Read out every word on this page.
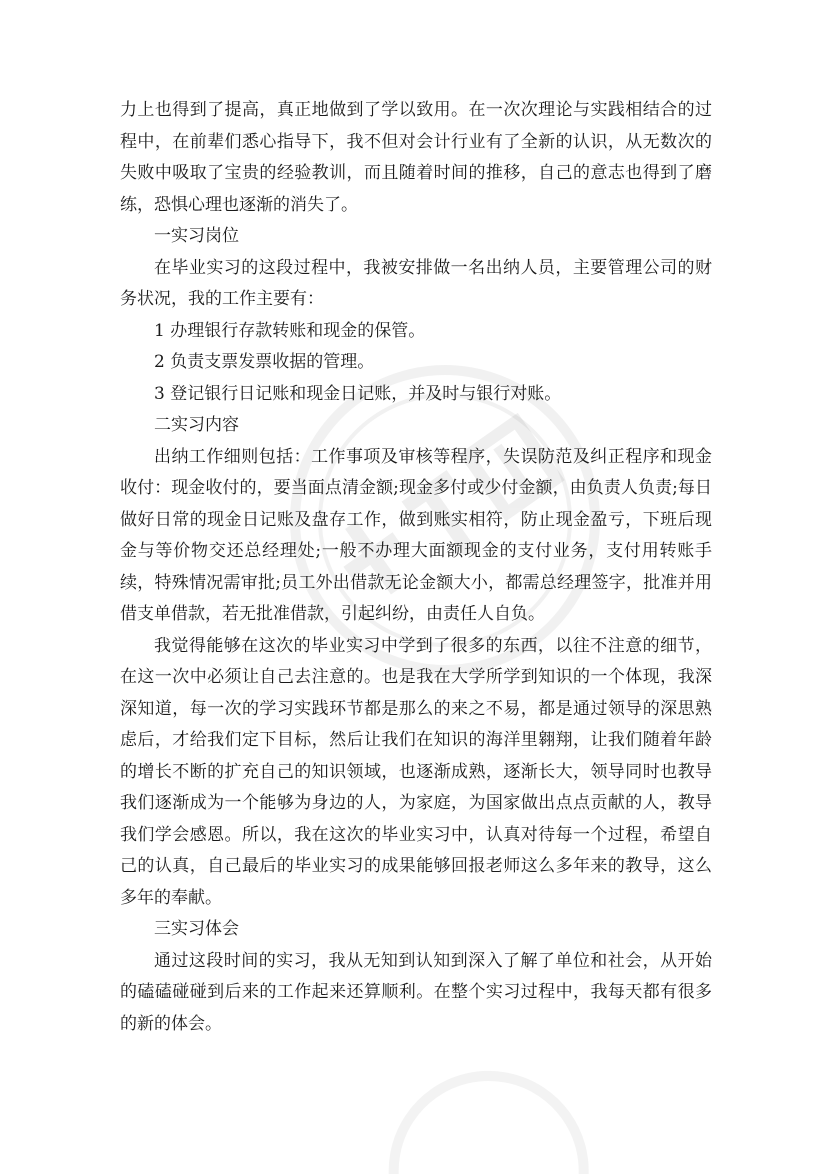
力上也得到了提高，真正地做到了学以致用。在一次次理论与实践相结合的过程中，在前辈们悉心指导下，我不但对会计行业有了全新的认识，从无数次的失败中吸取了宝贵的经验教训，而且随着时间的推移，自己的意志也得到了磨练，恐惧心理也逐渐的消失了。

一实习岗位

在毕业实习的这段过程中，我被安排做一名出纳人员，主要管理公司的财务状况，我的工作主要有：

1 办理银行存款转账和现金的保管。

2 负责支票发票收据的管理。

3 登记银行日记账和现金日记账，并及时与银行对账。

二实习内容

出纳工作细则包括：工作事项及审核等程序，失误防范及纠正程序和现金收付：现金收付的，要当面点清金额;现金多付或少付金额，由负责人负责;每日做好日常的现金日记账及盘存工作，做到账实相符，防止现金盈亏，下班后现金与等价物交还总经理处;一般不办理大面额现金的支付业务，支付用转账手续，特殊情况需审批;员工外出借款无论金额大小，都需总经理签字，批准并用借支单借款，若无批准借款，引起纠纷，由责任人自负。

我觉得能够在这次的毕业实习中学到了很多的东西，以往不注意的细节，在这一次中必须让自己去注意的。也是我在大学所学到知识的一个体现，我深深知道，每一次的学习实践环节都是那么的来之不易，都是通过领导的深思熟虑后，才给我们定下目标，然后让我们在知识的海洋里翱翔，让我们随着年龄的增长不断的扩充自己的知识领域，也逐渐成熟，逐渐长大，领导同时也教导我们逐渐成为一个能够为身边的人，为家庭，为国家做出点点贡献的人，教导我们学会感恩。所以，我在这次的毕业实习中，认真对待每一个过程，希望自己的认真，自己最后的毕业实习的成果能够回报老师这么多年来的教导，这么多年的奉献。

三实习体会

通过这段时间的实习，我从无知到认知到深入了解了单位和社会，从开始的磕磕碰碰到后来的工作起来还算顺利。在整个实习过程中，我每天都有很多的新的体会。
